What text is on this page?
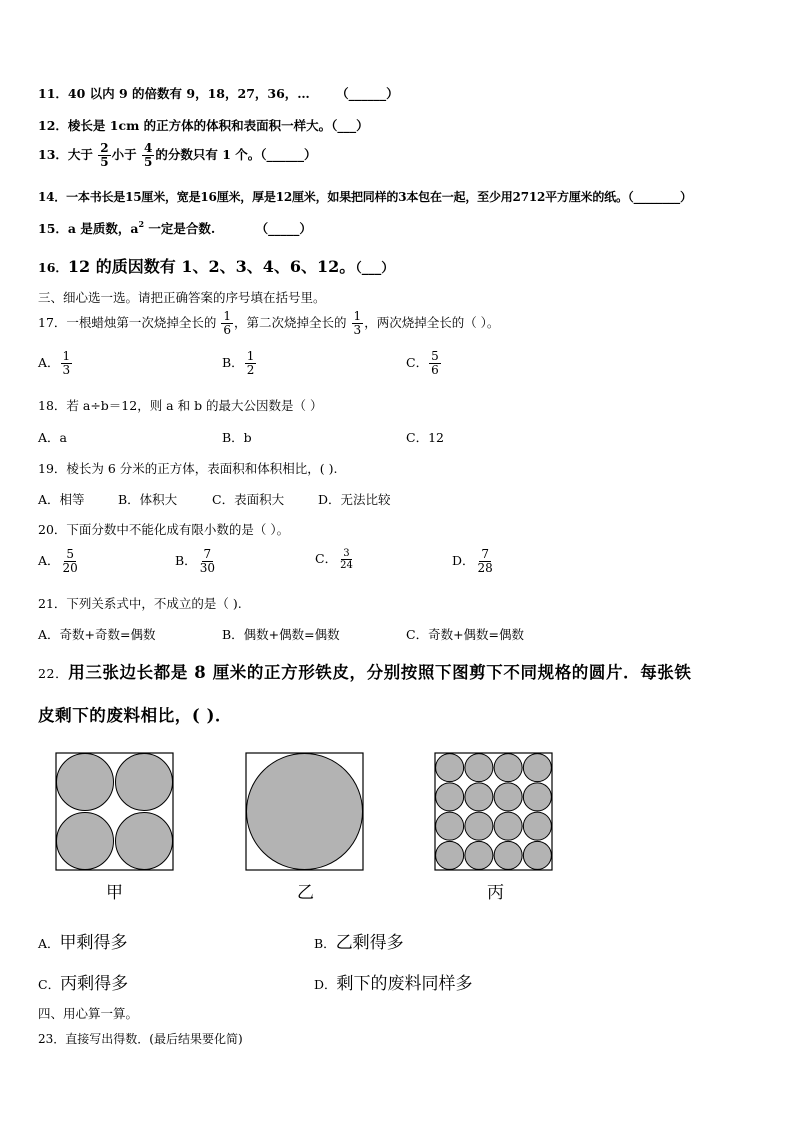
11．40 以内 9 的倍数有 9，18，27，36，… （______）
12．棱长是 1cm 的正方体的体积和表面积一样大。（___）
13．大于 $\frac{2}{5}$ 小于 $\frac{4}{5}$ 的分数只有 1 个。（______）
14．一本书长是15厘米，宽是16厘米，厚是12厘米，如果把同样的3本包在一起，至少用2712平方厘米的纸。（________）
15．a 是质数，$a^2$ 一定是合数.	（_____）
16．12 的质因数有 1、2、3、4、6、12。（___）
三、细心选一选。请把正确答案的序号填在括号里。
17．一根蜡烛第一次烧掉全长的 $\frac{1}{6}$ ，第二次烧掉全长的 $\frac{1}{3}$ ，两次烧掉全长的（ ）。
A． $\frac{1}{3}$	B． $\frac{1}{2}$	C． $\frac{5}{6}$
18．若 a÷b＝12，则 a 和 b 的最大公因数是（ ）
A．a	B．b	C．12
19．棱长为 6 分米的正方体，表面积和体积相比，( ).
A．相等	B．体积大	C．表面积大	D．无法比较
20．下面分数中不能化成有限小数的是（ ）。
A． $\frac{5}{20}$	B． $\frac{7}{30}$	C． $\frac{3}{24}$	D． $\frac{7}{28}$
21．下列关系式中，不成立的是（ ).
A．奇数+奇数=偶数	B．偶数+偶数=偶数	C．奇数+偶数=偶数
22．用三张边长都是 8 厘米的正方形铁皮，分别按照下图剪下不同规格的圆片．每张铁
皮剩下的废料相比，( )．
甲	乙	丙
A．甲剩得多	B．乙剩得多
C．丙剩得多	D．剩下的废料同样多
四、用心算一算。
23．直接写出得数．(最后结果要化简)
